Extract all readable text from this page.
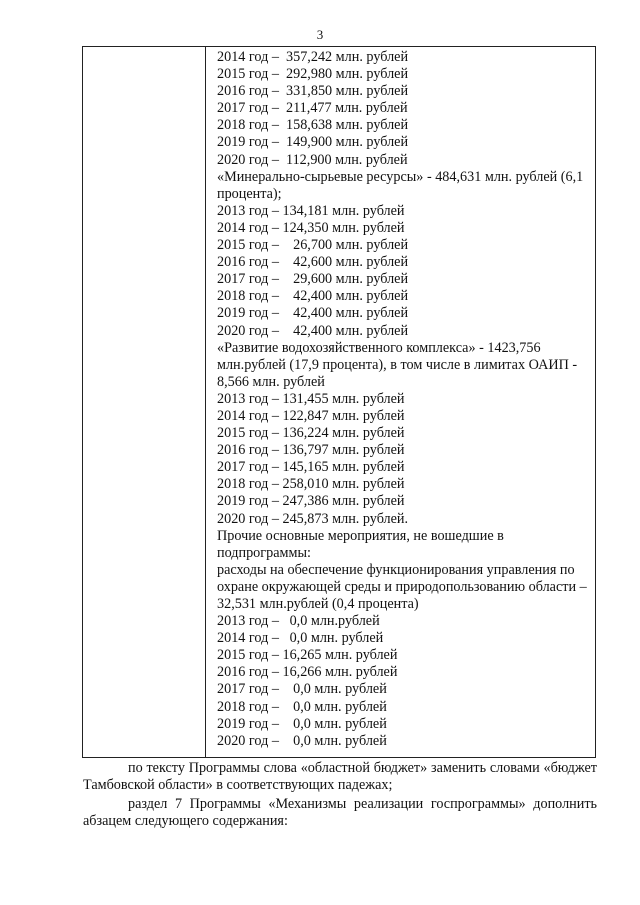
3
2014 год –  357,242 млн. рублей
2015 год –  292,980 млн. рублей
2016 год –  331,850 млн. рублей
2017 год –  211,477 млн. рублей
2018 год –  158,638 млн. рублей
2019 год –  149,900 млн. рублей
2020 год –  112,900 млн. рублей
«Минерально-сырьевые ресурсы» - 484,631 млн. рублей (6,1 процента);
2013 год – 134,181 млн. рублей
2014 год – 124,350 млн. рублей
2015 год –    26,700 млн. рублей
2016 год –    42,600 млн. рублей
2017 год –    29,600 млн. рублей
2018 год –    42,400 млн. рублей
2019 год –    42,400 млн. рублей
2020 год –    42,400 млн. рублей
«Развитие водохозяйственного комплекса» - 1423,756 млн.рублей (17,9 процента), в том числе в лимитах ОАИП - 8,566 млн. рублей
2013 год – 131,455 млн. рублей
2014 год – 122,847 млн. рублей
2015 год – 136,224 млн. рублей
2016 год – 136,797 млн. рублей
2017 год – 145,165 млн. рублей
2018 год – 258,010 млн. рублей
2019 год – 247,386 млн. рублей
2020 год – 245,873 млн. рублей.
Прочие основные мероприятия, не вошедшие в подпрограммы:
расходы на обеспечение функционирования управления по охране окружающей среды и природопользованию области – 32,531 млн.рублей (0,4 процента)
2013 год –   0,0 млн.рублей
2014 год –   0,0 млн. рублей
2015 год – 16,265 млн. рублей
2016 год – 16,266 млн. рублей
2017 год –    0,0 млн. рублей
2018 год –    0,0 млн. рублей
2019 год –    0,0 млн. рублей
2020 год –    0,0 млн. рублей
по тексту Программы слова «областной бюджет» заменить словами «бюджет Тамбовской области» в соответствующих падежах;
раздел 7 Программы «Механизмы реализации госпрограммы» дополнить абзацем следующего содержания:
